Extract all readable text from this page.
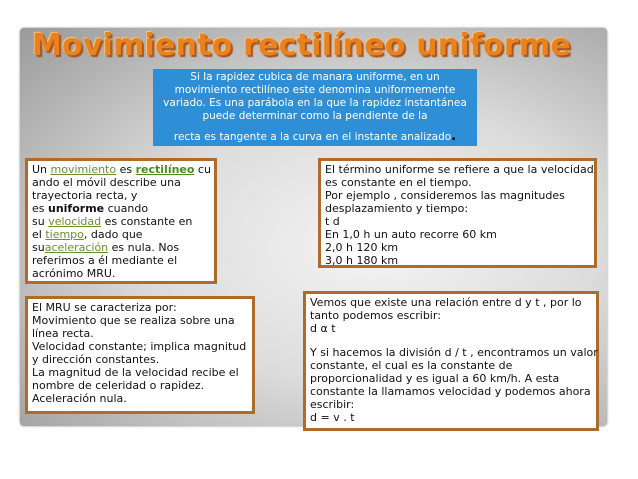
Movimiento rectilíneo uniforme
Si la rapidez cubica de manara uniforme, en un movimiento rectilíneo este denomina uniformemente variado. Es una parábola en la que la rapidez instantánea puede determinar como la pendiente de la
recta es tangente a la curva en el instante analizado.
Un movimiento es rectilíneo cu
ando el móvil describe una
trayectoria recta, y
es uniforme cuando
su velocidad es constante en
el tiempo, dado que
suaceleración es nula. Nos
referimos a él mediante el
acrónimo MRU.
El término uniforme se refiere a que la velocidad
es constante en el tiempo.
Por ejemplo , consideremos las magnitudes
desplazamiento y tiempo:
t d
En 1,0 h un auto recorre 60 km
2,0 h 120 km
3,0 h 180 km
El MRU se caracteriza por:
Movimiento que se realiza sobre una
línea recta.
Velocidad constante; implica magnitud
y dirección constantes.
La magnitud de la velocidad recibe el
nombre de celeridad o rapidez.
Aceleración nula.
Vemos que existe una relación entre d y t , por lo
tanto podemos escribir:
d α t
Y si hacemos la división d / t , encontramos un valor
constante, el cual es la constante de
proporcionalidad y es igual a 60 km/h. A esta
constante la llamamos velocidad y podemos ahora
escribir:
d = v . t
